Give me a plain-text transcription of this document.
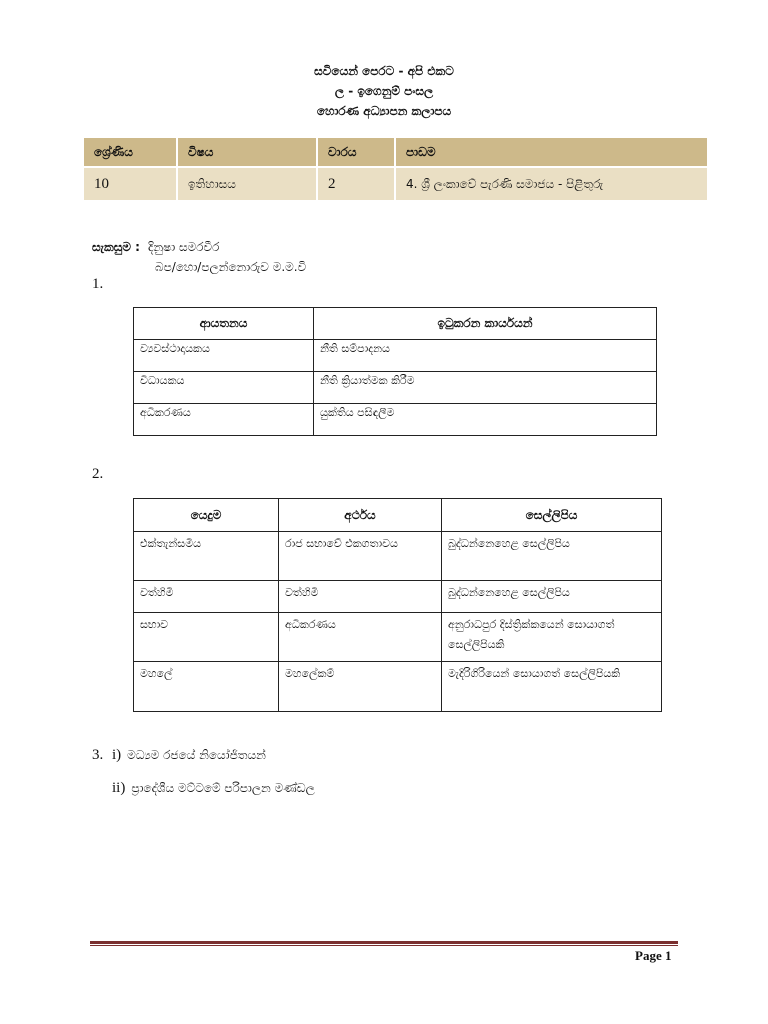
සවියෙන් පෙරට - අපි එකට
ල - ඉගෙනුම් පංසල
හොරණ අධ්‍යාපන කලාපය
ශ්‍රේණිය	විෂය	වාරය	පාඩම
10	ඉතිහාසය	2	4. ශ්‍රී ලංකාවේ පැරණි සමාජය - පිළිතුරු
සැකසුම : දිනුෂා සමරවීර
බප/හො/පලන්නොරුව ම.ම.වි
1.
ආයතනය	ඉටුකරන කාර්යයන්
ව්‍යවස්ථාදායකය	නීති සම්පාදනය
විධායකය	නීති ක්‍රියාත්මක කිරීම
අධිකරණය	යුක්තිය පසිඳලීම
2.
යෙදුම	අර්ථය	සෙල්ලිපිය
එක්තැන්සමිය	රාජ සභාවේ එකගතාවය	බුද්ධන්නෙහෙළ සෙල්ලිපිය
වත්හිමි	වත්හිමි	බුද්ධන්නෙහෙළ සෙල්ලිපිය
සභාව	අධිකරණය	අනුරාධපුර දිස්ත්‍රික්කයෙන් සොයාගත් සෙල්ලිපියකි
මහලේ	මහලේකම්	මැදිරිගිරියෙන් සොයාගත් සෙල්ලිපියකි
3. i) මධ්‍යම රජයේ නියෝජිතයන්
ii) ප්‍රාදේශීය මට්ටමේ පරිපාලන මණ්ඩල
Page 1
